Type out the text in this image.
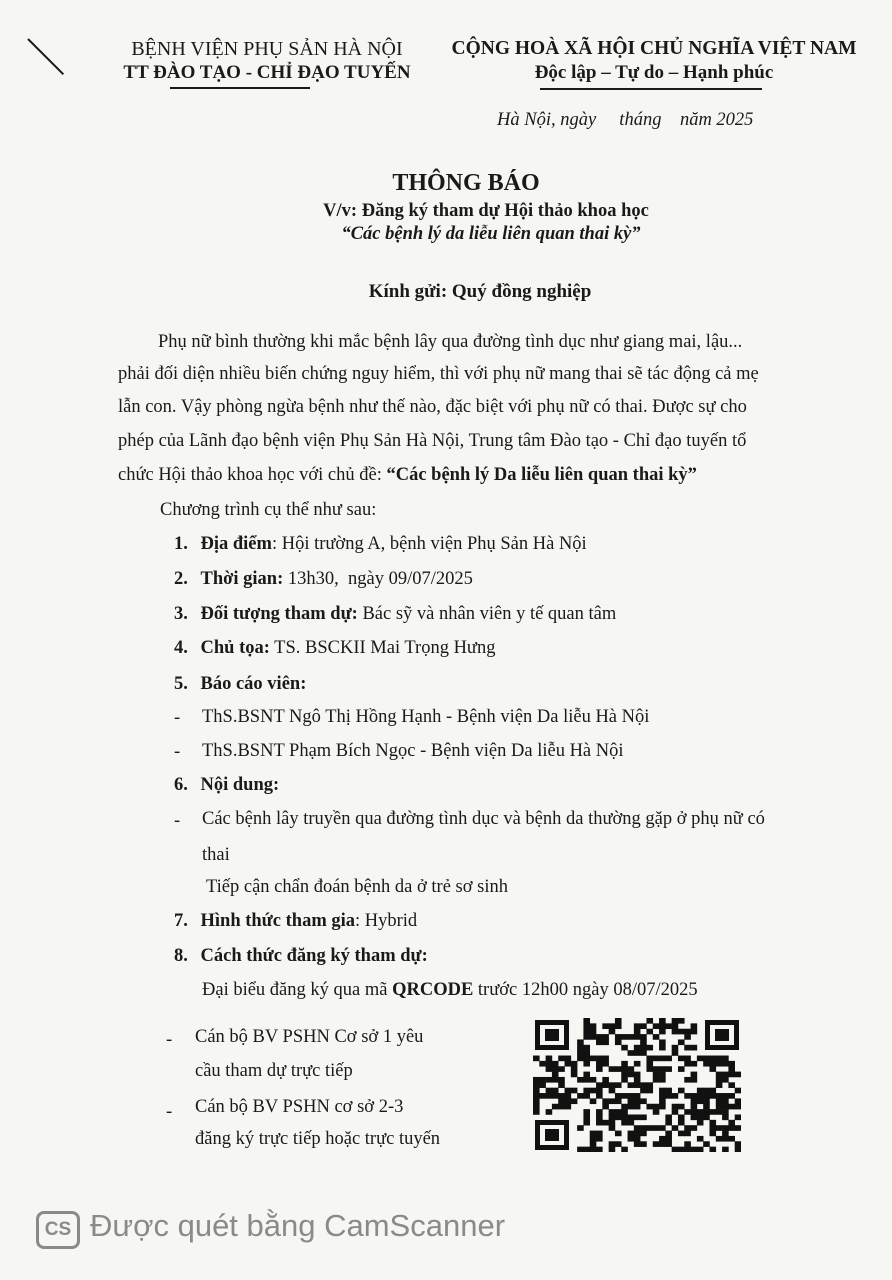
BỆNH VIỆN PHỤ SẢN HÀ NỘI
TT ĐÀO TẠO - CHỈ ĐẠO TUYẾN
CỘNG HOÀ XÃ HỘI CHỦ NGHĨA VIỆT NAM
Độc lập – Tự do – Hạnh phúc
Hà Nội, ngày     tháng    năm 2025
THÔNG BÁO
V/v: Đăng ký tham dự Hội thảo khoa học
“Các bệnh lý da liễu liên quan thai kỳ”
Kính gửi: Quý đồng nghiệp
Phụ nữ bình thường khi mắc bệnh lây qua đường tình dục như giang mai, lậu...
phải đối diện nhiều biến chứng nguy hiểm, thì với phụ nữ mang thai sẽ tác động cả mẹ
lẫn con. Vậy phòng ngừa bệnh như thế nào, đặc biệt với phụ nữ có thai. Được sự cho
phép của Lãnh đạo bệnh viện Phụ Sản Hà Nội, Trung tâm Đào tạo - Chỉ đạo tuyến tổ
chức Hội thảo khoa học với chủ đề: “Các bệnh lý Da liễu liên quan thai kỳ”
Chương trình cụ thể như sau:
1. Địa điểm: Hội trường A, bệnh viện Phụ Sản Hà Nội
2. Thời gian: 13h30,  ngày 09/07/2025
3. Đối tượng tham dự: Bác sỹ và nhân viên y tế quan tâm
4. Chủ tọa: TS. BSCKII Mai Trọng Hưng
5. Báo cáo viên:
- ThS.BSNT Ngô Thị Hồng Hạnh - Bệnh viện Da liễu Hà Nội
- ThS.BSNT Phạm Bích Ngọc - Bệnh viện Da liễu Hà Nội
6. Nội dung:
- Các bệnh lây truyền qua đường tình dục và bệnh da thường gặp ở phụ nữ có
thai
Tiếp cận chẩn đoán bệnh da ở trẻ sơ sinh
7. Hình thức tham gia: Hybrid
8. Cách thức đăng ký tham dự:
Đại biểu đăng ký qua mã QRCODE trước 12h00 ngày 08/07/2025
- Cán bộ BV PSHN Cơ sở 1 yêu
cầu tham dự trực tiếp
- Cán bộ BV PSHN cơ sở 2-3
đăng ký trực tiếp hoặc trực tuyến
CS Được quét bằng CamScanner
